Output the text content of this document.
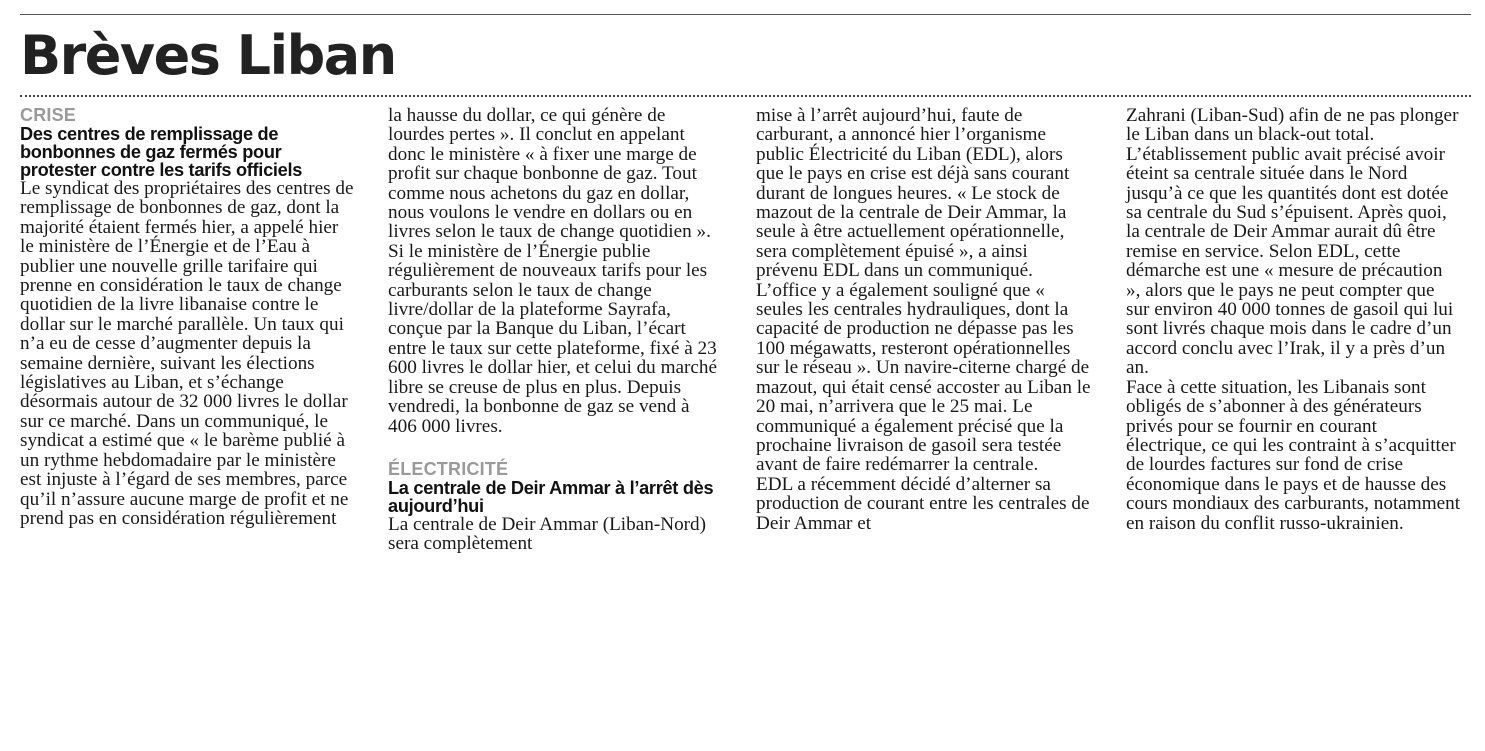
Brèves Liban
CRISE
Des centres de remplissage de bonbonnes de gaz fermés pour protester contre les tarifs officiels

Le syndicat des propriétaires des centres de remplissage de bonbonnes de gaz, dont la majorité étaient fermés hier, a appelé hier le ministère de l’Énergie et de l’Eau à publier une nouvelle grille tarifaire qui prenne en considération le taux de change quotidien de la livre libanaise contre le dollar sur le marché parallèle. Un taux qui n’a eu de cesse d’augmenter depuis la semaine dernière, suivant les élections législatives au Liban, et s’échange désormais autour de 32 000 livres le dollar sur ce marché. Dans un communiqué, le syndicat a estimé que « le barème publié à un rythme hebdomadaire par le ministère est injuste à l’égard de ses membres, parce qu’il n’assure aucune marge de profit et ne prend pas en considération régulièrement

la hausse du dollar, ce qui génère de lourdes pertes ». Il conclut en appelant donc le ministère « à fixer une marge de profit sur chaque bonbonne de gaz. Tout comme nous achetons du gaz en dollar, nous voulons le vendre en dollars ou en livres selon le taux de change quotidien ».

Si le ministère de l’Énergie publie régulièrement de nouveaux tarifs pour les carburants selon le taux de change livre/dollar de la plateforme Sayrafa, conçue par la Banque du Liban, l’écart entre le taux sur cette plateforme, fixé à 23 600 livres le dollar hier, et celui du marché libre se creuse de plus en plus. Depuis vendredi, la bonbonne de gaz se vend à 406 000 livres.

ÉLECTRICITÉ
La centrale de Deir Ammar à l’arrêt dès aujourd’hui

La centrale de Deir Ammar (Liban-Nord) sera complètement

mise à l’arrêt aujourd’hui, faute de carburant, a annoncé hier l’organisme public Électricité du Liban (EDL), alors que le pays en crise est déjà sans courant durant de longues heures. « Le stock de mazout de la centrale de Deir Ammar, la seule à être actuellement opérationnelle, sera complètement épuisé », a ainsi prévenu EDL dans un communiqué. L’office y a également souligné que « seules les centrales hydrauliques, dont la capacité de production ne dépasse pas les 100 mégawatts, resteront opérationnelles sur le réseau ». Un navire-citerne chargé de mazout, qui était censé accoster au Liban le 20 mai, n’arrivera que le 25 mai. Le communiqué a également précisé que la prochaine livraison de gasoil sera testée avant de faire redémarrer la centrale.

EDL a récemment décidé d’alterner sa production de courant entre les centrales de Deir Ammar et

Zahrani (Liban-Sud) afin de ne pas plonger le Liban dans un black-out total. L’établissement public avait précisé avoir éteint sa centrale située dans le Nord jusqu’à ce que les quantités dont est dotée sa centrale du Sud s’épuisent. Après quoi, la centrale de Deir Ammar aurait dû être remise en service. Selon EDL, cette démarche est une « mesure de précaution », alors que le pays ne peut compter que sur environ 40 000 tonnes de gasoil qui lui sont livrés chaque mois dans le cadre d’un accord conclu avec l’Irak, il y a près d’un an.

Face à cette situation, les Libanais sont obligés de s’abonner à des générateurs privés pour se fournir en courant électrique, ce qui les contraint à s’acquitter de lourdes factures sur fond de crise économique dans le pays et de hausse des cours mondiaux des carburants, notamment en raison du conflit russo-ukrainien.
